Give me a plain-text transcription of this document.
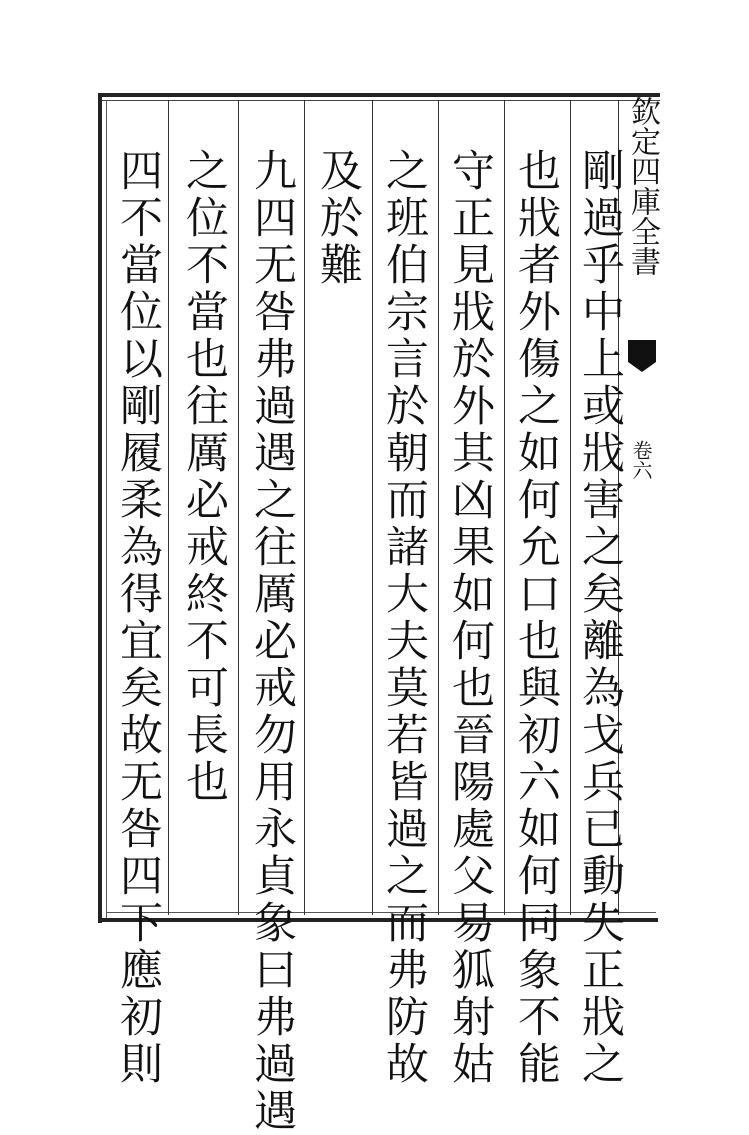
剛過乎中上或戕害之矣離為戈兵已動失正戕之
也戕者外傷之如何允口也與初六如何同象不能
守正見戕於外其凶果如何也晉陽處父易狐射姑
之班伯宗言於朝而諸大夫莫若皆過之而弗防故
及於難
九四无咎弗過遇之往厲必戒勿用永貞象曰弗過遇
之位不當也往厲必戒終不可長也
四不當位以剛履柔為得宜矣故无咎四下應初則	欽定四庫全書
卷六
